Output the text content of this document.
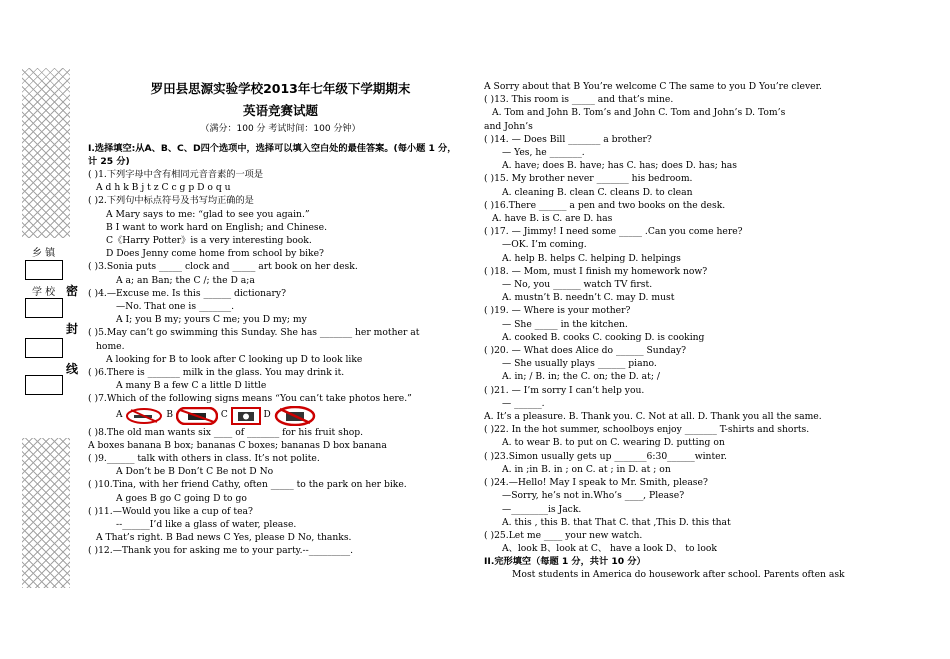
乡 镇
学 校 密
封
线
罗田县思源实验学校2013年七年级下学期期末
英语竞赛试题
（满分：100 分 考试时间：100 分钟）
Ⅰ.选择填空:从A、B、C、D四个选项中，选择可以填入空白处的最佳答案。(每小题 1 分，
计 25 分)
( )1.下列字母中含有相同元音音素的一项是
A d h k B j t z C c g p D o q u
( )2.下列句中标点符号及书写均正确的是
A Mary says to me: “glad to see you again.”
B I want to work hard on English; and Chinese.
C《Harry Potter》is a very interesting book.
D Does Jenny come home from school by bike?
( )3.Sonia puts _____ clock and _____ art book on her desk.
A a; an Ban; the C /; the D a;a
( )4.—Excuse me. Is this ______ dictionary?
—No. That one is _______.
A I; you B my; yours C me; you D my; my
( )5.May can’t go swimming this Sunday. She has _______ her mother at
home.
A looking for B to look after C looking up D to look like
( )6.There is _______ milk in the glass. You may drink it.
A many B a few C a little D little
( )7.Which of the following signs means “You can’t take photos here.”
A	B	C	D
( )8.The old man wants six ____ of _______ for his fruit shop.
A boxes banana B box; bananas C boxes; bananas D box banana
( )9.______ talk with others in class. It’s not polite.
A Don’t be B Don’t C Be not D No
( )10.Tina, with her friend Cathy, often _____ to the park on her bike.
A goes B go C going D to go
( )11.—Would you like a cup of tea?
--______I’d like a glass of water, please.
A That’s right. B Bad news C Yes, please D No, thanks.
( )12.—Thank you for asking me to your party.--_________.
A Sorry about that B You’re welcome C The same to you D You’re clever.
( )13. This room is _____ and that’s mine.
A. Tom and John B. Tom’s and John C. Tom and John’s D. Tom’s
and John’s
( )14. — Does Bill _______ a brother?
— Yes, he _______.
A. have; does B. have; has C. has; does D. has; has
( )15. My brother never _______ his bedroom.
A. cleaning B. clean C. cleans D. to clean
( )16.There ______ a pen and two books on the desk.
A. have B. is C. are D. has
( )17. — Jimmy! I need some _____ .Can you come here?
—OK. I’m coming.
A. help B. helps C. helping D. helpings
( )18. — Mom, must I finish my homework now?
— No, you ______ watch TV first.
A. mustn’t B. needn’t C. may D. must
( )19. — Where is your mother?
— She _____ in the kitchen.
A. cooked B. cooks C. cooking D. is cooking
( )20. — What does Alice do ______ Sunday?
— She usually plays ______ piano.
A. in; / B. in; the C. on; the D. at; /
( )21. — I’m sorry I can’t help you.
— ______.
A. It’s a pleasure. B. Thank you. C. Not at all. D. Thank you all the same.
( )22. In the hot summer, schoolboys enjoy _______ T-shirts and shorts.
A. to wear B. to put on C. wearing D. putting on
( )23.Simon usually gets up _______6:30______winter.
A. in ;in B. in ; on C. at ; in D. at ; on
( )24.—Hello! May I speak to Mr. Smith, please?
—Sorry, he’s not in.Who’s ____, Please?
—________is Jack.
A. this , this B. that That C. that ,This D. this that
( )25.Let me ____ your new watch.
A、look B、look at C、 have a look D、 to look
II.完形填空（每题 1 分，共计 10 分）
Most students in America do housework after school. Parents often ask
